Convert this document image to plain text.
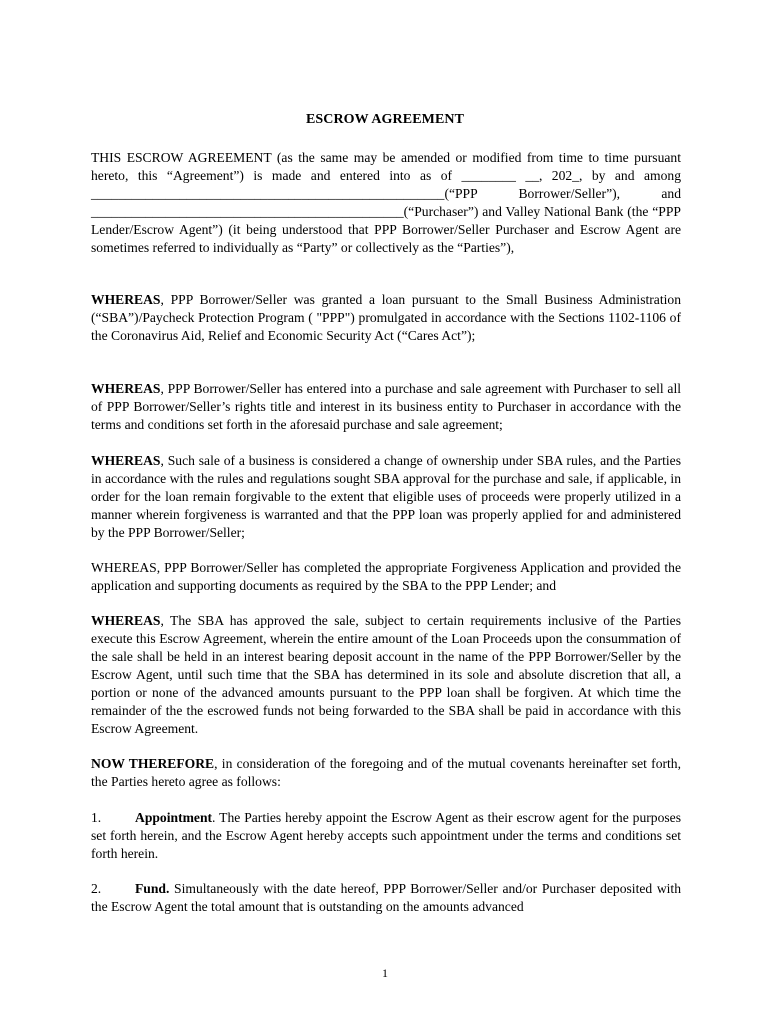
ESCROW AGREEMENT
THIS ESCROW AGREEMENT (as the same may be amended or modified from time to time pursuant hereto, this “Agreement”) is made and entered into as of ________ __, 202_, by and among ____________________________________________________(“PPP Borrower/Seller”),	and ______________________________________________(“Purchaser”) and Valley National Bank (the “PPP Lender/Escrow Agent”) (it being understood that PPP Borrower/Seller Purchaser and Escrow Agent are sometimes referred to individually as “Party” or collectively as the “Parties”),
WHEREAS, PPP Borrower/Seller was granted a loan pursuant to the Small Business Administration (“SBA”)/Paycheck Protection Program ( "PPP") promulgated in accordance with the Sections 1102-1106 of the Coronavirus Aid, Relief and Economic Security Act (“Cares Act”);
WHEREAS, PPP Borrower/Seller has entered into a purchase and sale agreement with Purchaser to sell all of PPP Borrower/Seller’s rights title and interest in its business entity to Purchaser in accordance with the terms and conditions set forth in the aforesaid purchase and sale agreement;
WHEREAS, Such sale of a business is considered a change of ownership under SBA rules, and the Parties in accordance with the rules and regulations sought SBA approval for the purchase and sale, if applicable, in order for the loan remain forgivable to the extent that eligible uses of proceeds were properly utilized in a manner wherein forgiveness is warranted and that the PPP loan was properly applied for and administered by the PPP Borrower/Seller;
WHEREAS, PPP Borrower/Seller has completed the appropriate Forgiveness Application and provided the application and supporting documents as required by the SBA to the PPP Lender; and
WHEREAS, The SBA has approved the sale, subject to certain requirements inclusive of the Parties execute this Escrow Agreement, wherein the entire amount of the Loan Proceeds upon the consummation of the sale shall be held in an interest bearing deposit account in the name of the PPP Borrower/Seller by the Escrow Agent, until such time that the SBA has determined in its sole and absolute discretion that all, a portion or none of the advanced amounts pursuant to the PPP loan shall be forgiven. At which time the remainder of the the escrowed funds not being forwarded to the SBA shall be paid in accordance with this Escrow Agreement.
NOW THEREFORE, in consideration of the foregoing and of the mutual covenants hereinafter set forth, the Parties hereto agree as follows:
1. Appointment. The Parties hereby appoint the Escrow Agent as their escrow agent for the purposes set forth herein, and the Escrow Agent hereby accepts such appointment under the terms and conditions set forth herein.
2. Fund. Simultaneously with the date hereof, PPP Borrower/Seller and/or Purchaser deposited with the Escrow Agent the total amount that is outstanding on the amounts advanced
1
